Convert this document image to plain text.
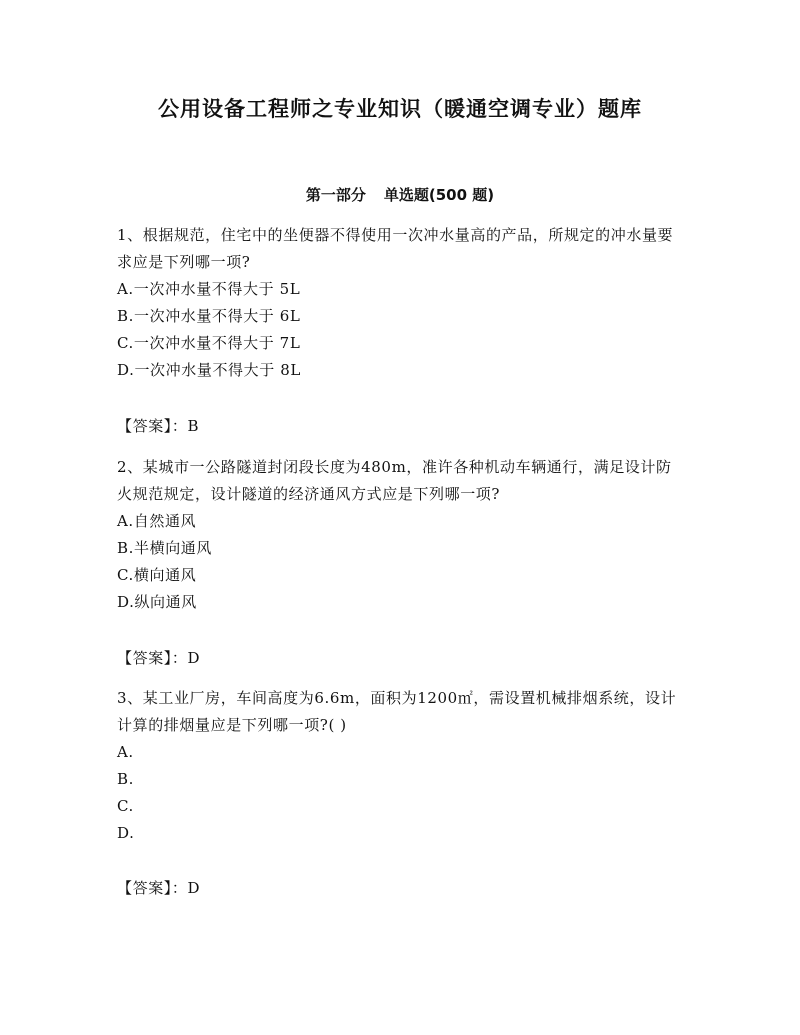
公用设备工程师之专业知识（暖通空调专业）题库
第一部分 单选题(500 题)
1、根据规范，住宅中的坐便器不得使用一次冲水量高的产品，所规定的冲水量要求应是下列哪一项?
A.一次冲水量不得大于 5L
B.一次冲水量不得大于 6L
C.一次冲水量不得大于 7L
D.一次冲水量不得大于 8L
【答案】：B
2、某城市一公路隧道封闭段长度为480m，准许各种机动车辆通行，满足设计防火规范规定，设计隧道的经济通风方式应是下列哪一项?
A.自然通风
B.半横向通风
C.横向通风
D.纵向通风
【答案】：D
3、某工业厂房，车间高度为6.6m，面积为1200㎡，需设置机械排烟系统，设计计算的排烟量应是下列哪一项?( )
A.
B.
C.
D.
【答案】：D
